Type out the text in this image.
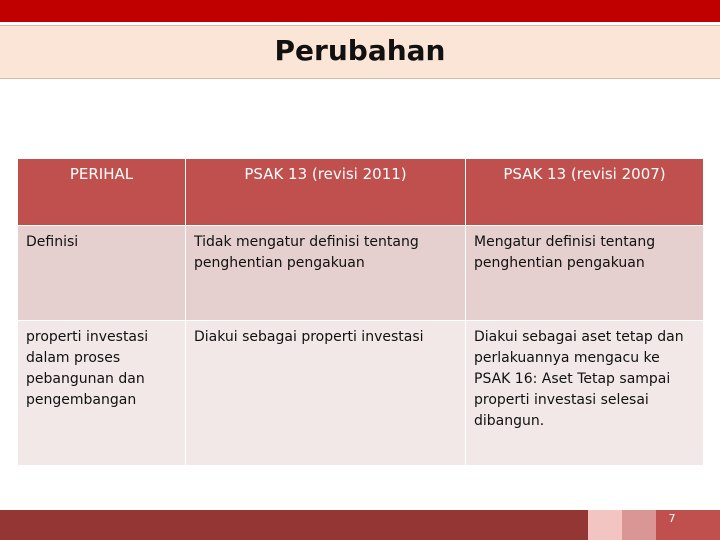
Perubahan
PERIHAL	PSAK 13 (revisi 2011)	PSAK 13 (revisi 2007)
Definisi	Tidak mengatur definisi tentang penghentian pengakuan	Mengatur definisi tentang penghentian pengakuan
properti investasi dalam proses pebangunan dan pengembangan	Diakui sebagai properti investasi	Diakui sebagai aset tetap dan perlakuannya mengacu ke PSAK 16: Aset Tetap sampai properti investasi selesai dibangun.
7
